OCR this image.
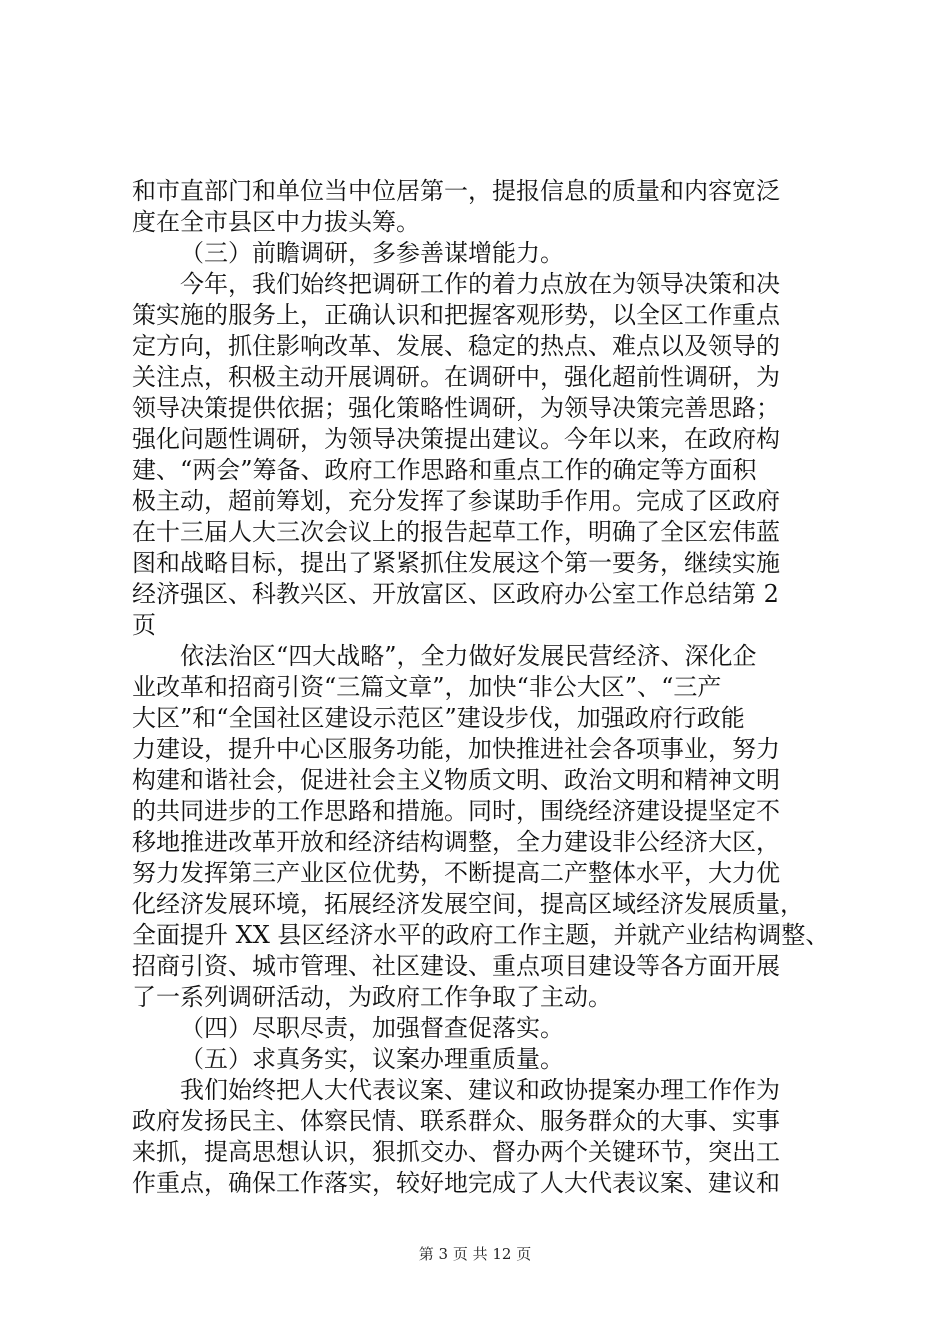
和市直部门和单位当中位居第一，提报信息的质量和内容宽泛
度在全市县区中力拔头筹。
（三）前瞻调研，多参善谋增能力。
今年，我们始终把调研工作的着力点放在为领导决策和决
策实施的服务上，正确认识和把握客观形势，以全区工作重点
定方向，抓住影响改革、发展、稳定的热点、难点以及领导的
关注点，积极主动开展调研。在调研中，强化超前性调研，为
领导决策提供依据；强化策略性调研，为领导决策完善思路；
强化问题性调研，为领导决策提出建议。今年以来，在政府构
建、“两会”筹备、政府工作思路和重点工作的确定等方面积
极主动，超前筹划，充分发挥了参谋助手作用。完成了区政府
在十三届人大三次会议上的报告起草工作，明确了全区宏伟蓝
图和战略目标，提出了紧紧抓住发展这个第一要务，继续实施
经济强区、科教兴区、开放富区、区政府办公室工作总结第 2
页
依法治区“四大战略”，全力做好发展民营经济、深化企
业改革和招商引资“三篇文章”，加快“非公大区”、“三产
大区”和“全国社区建设示范区”建设步伐，加强政府行政能
力建设，提升中心区服务功能，加快推进社会各项事业，努力
构建和谐社会，促进社会主义物质文明、政治文明和精神文明
的共同进步的工作思路和措施。同时，围绕经济建设提坚定不
移地推进改革开放和经济结构调整，全力建设非公经济大区，
努力发挥第三产业区位优势，不断提高二产整体水平，大力优
化经济发展环境，拓展经济发展空间，提高区域经济发展质量，
全面提升 XX 县区经济水平的政府工作主题，并就产业结构调整、
招商引资、城市管理、社区建设、重点项目建设等各方面开展
了一系列调研活动，为政府工作争取了主动。
（四）尽职尽责，加强督查促落实。
（五）求真务实，议案办理重质量。
我们始终把人大代表议案、建议和政协提案办理工作作为
政府发扬民主、体察民情、联系群众、服务群众的大事、实事
来抓，提高思想认识，狠抓交办、督办两个关键环节，突出工
作重点，确保工作落实，较好地完成了人大代表议案、建议和
第 3 页 共 12 页
